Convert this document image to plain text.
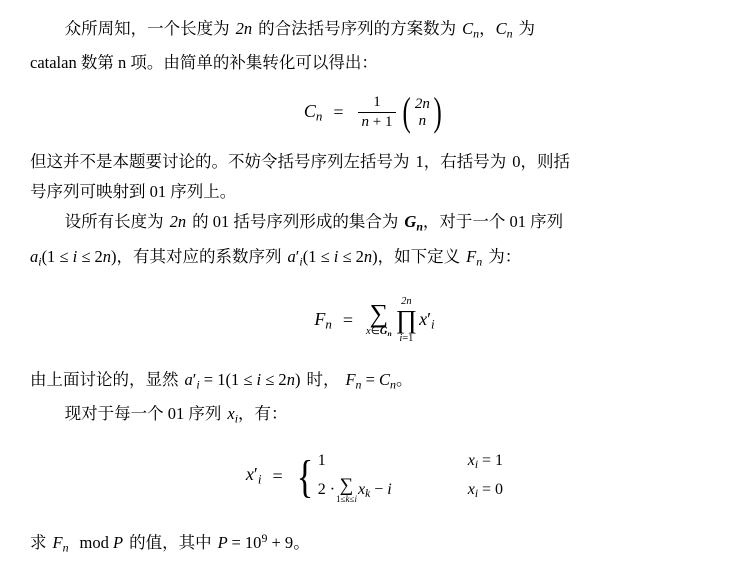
众所周知，一个长度为 2n 的合法括号序列的方案数为 $C_n$，$C_n$ 为
catalan 数第 n 项。由简单的补集转化可以得出：
$C_n = \frac{1}{n + 1}$ ( 2n
n )
但这并不是本题要讨论的。不妨令括号序列左括号为 1，右括号为 0，则括
号序列可映射到 01 序列上。
设所有长度为 2n 的 01 括号序列形成的集合为 $G_n$，对于一个 01 序列
$a_i(1 \le i \le 2n)$，有其对应的系数序列 $a'_i(1 \le i \le 2n)$，如下定义 $F_n$ 为：
$F_n$ = ∑
$x\in G_n$
2n
∏
i=1
$x'_i$
由上面讨论的，显然 $a'_i = 1(1 \le i \le 2n)$ 时， $F_n = C_n$。
现对于每一个 01 序列 $x_i$，有：
$x'_i$ = { 1	$x_i = 1$
2 · ∑
1≤k≤i
$x_k - i$	$x_i = 0$
求 $F_n$ mod P 的值，其中 $P = 10^9 + 9$。
